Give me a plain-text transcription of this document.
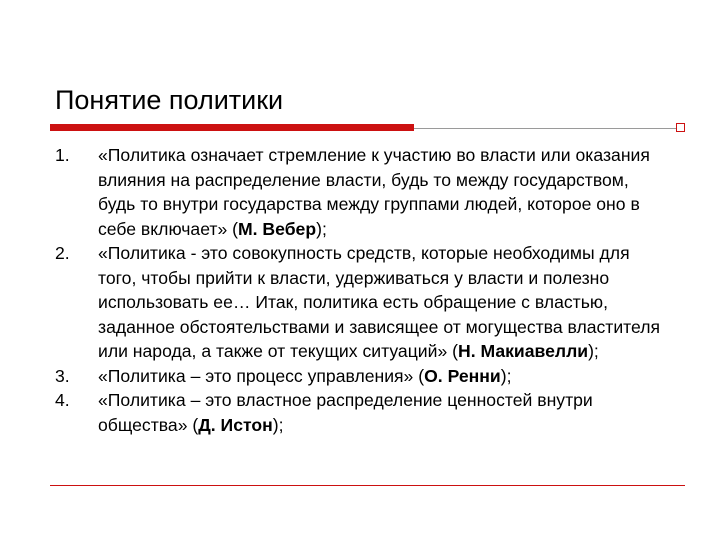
Понятие политики
1.	«Политика означает стремление к участию во власти или оказания влияния на распределение власти, будь то между государством, будь то внутри государства между группами людей, которое оно в себе включает» (М. Вебер);
2.	«Политика - это совокупность средств, которые необходимы для того, чтобы прийти к власти, удерживаться у власти и полезно использовать ее… Итак, политика есть обращение с властью, заданное обстоятельствами и зависящее от могущества властителя или народа, а также от текущих ситуаций» (Н. Макиавелли);
3.	«Политика – это процесс управления» (О. Ренни);
4.	«Политика – это властное распределение ценностей внутри общества» (Д. Истон);
